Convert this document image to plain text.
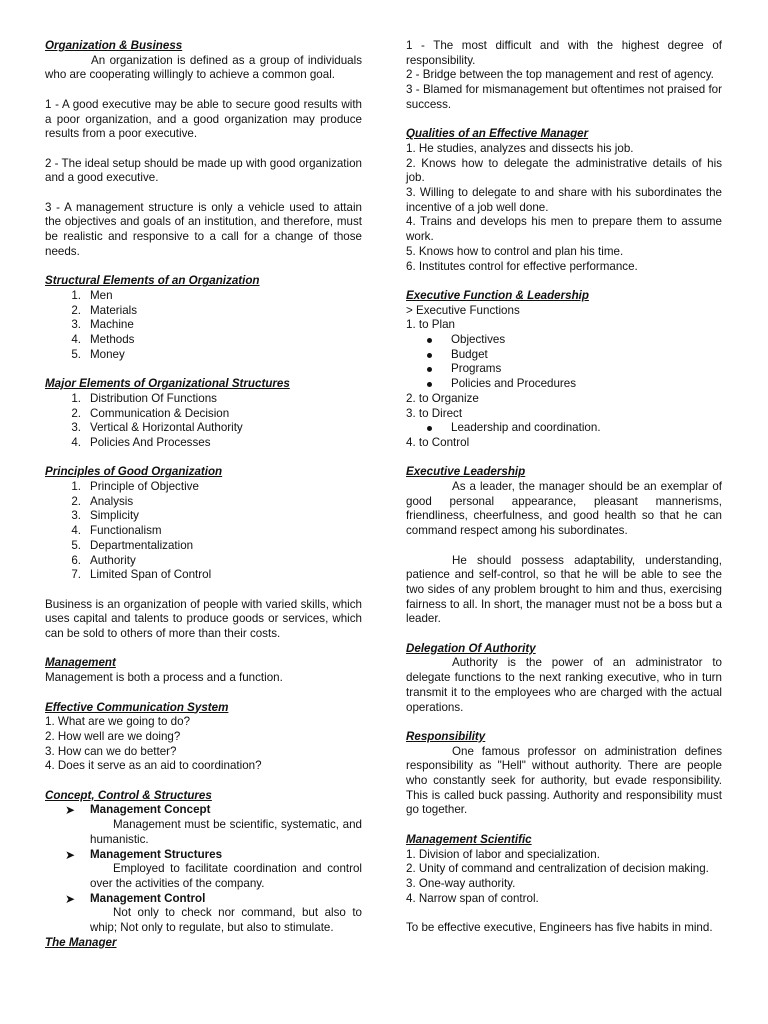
Organization & Business

An organization is defined as a group of individuals who are cooperating willingly to achieve a common goal.

1 - A good executive may be able to secure good results with a poor organization, and a good organization may produce results from a poor executive.

2 - The ideal setup should be made up with good organization and a good executive.

3 - A management structure is only a vehicle used to attain the objectives and goals of an institution, and therefore, must be realistic and responsive to a call for a change of those needs.

Structural Elements of an Organization

1. Men
2. Materials
3. Machine
4. Methods
5. Money

Major Elements of Organizational Structures

1. Distribution Of Functions
2. Communication & Decision
3. Vertical & Horizontal Authority
4. Policies And Processes

Principles of Good Organization

1. Principle of Objective
2. Analysis
3. Simplicity
4. Functionalism
5. Departmentalization
6. Authority
7. Limited Span of Control

Business is an organization of people with varied skills, which uses capital and talents to produce goods or services, which can be sold to others of more than their costs.

Management

Management is both a process and a function.

Effective Communication System

1. What are we going to do?

2. How well are we doing?

3. How can we do better?

4. Does it serve as an aid to coordination?

Concept, Control & Structures

➤ Management Concept

Management must be scientific, systematic, and humanistic.

➤ Management Structures

Employed to facilitate coordination and control over the activities of the company.

➤ Management Control

Not only to check nor command, but also to whip; Not only to regulate, but also to stimulate.

The Manager

1 - The most difficult and with the highest degree of responsibility.

2 - Bridge between the top management and rest of agency.

3 - Blamed for mismanagement but oftentimes not praised for success.

Qualities of an Effective Manager

1. He studies, analyzes and dissects his job.

2. Knows how to delegate the administrative details of his job.

3. Willing to delegate to and share with his subordinates the incentive of a job well done.

4. Trains and develops his men to prepare them to assume work.

5. Knows how to control and plan his time.

6. Institutes control for effective performance.

Executive Function & Leadership

> Executive Functions

1. to Plan

Objectives
Budget
Programs
Policies and Procedures

2. to Organize

3. to Direct

Leadership and coordination.

4. to Control

Executive Leadership

As a leader, the manager should be an exemplar of good personal appearance, pleasant mannerisms, friendliness, cheerfulness, and good health so that he can command respect among his subordinates.

He should possess adaptability, understanding, patience and self-control, so that he will be able to see the two sides of any problem brought to him and thus, exercising fairness to all. In short, the manager must not be a boss but a leader.

Delegation Of Authority

Authority is the power of an administrator to delegate functions to the next ranking executive, who in turn transmit it to the employees who are charged with the actual operations.

Responsibility

One famous professor on administration defines responsibility as "Hell" without authority. There are people who constantly seek for authority, but evade responsibility. This is called buck passing. Authority and responsibility must go together.

Management Scientific

1. Division of labor and specialization.

2. Unity of command and centralization of decision making.

3. One-way authority.

4. Narrow span of control.

To be effective executive, Engineers has five habits in mind.
